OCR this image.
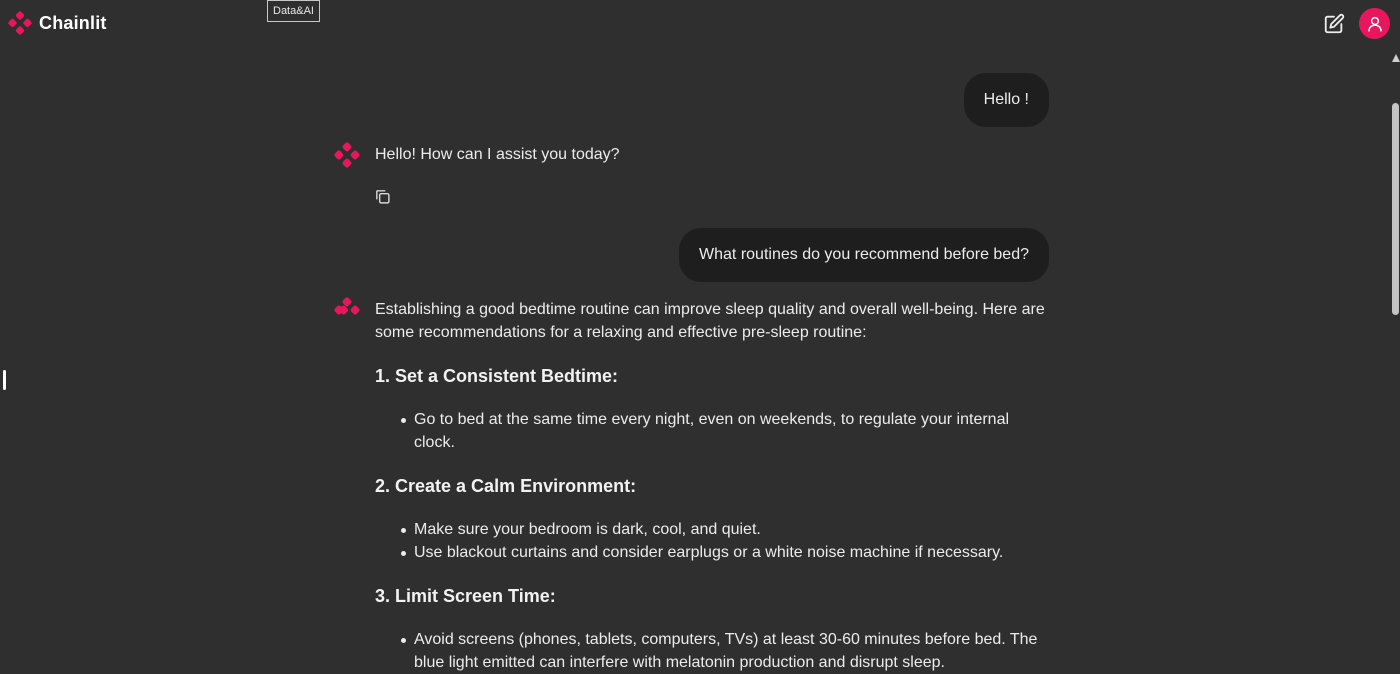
Chainlit
Data&AI
Hello !
Hello! How can I assist you today?
What routines do you recommend before bed?
Establishing a good bedtime routine can improve sleep quality and overall well-being. Here are some recommendations for a relaxing and effective pre-sleep routine:
1. Set a Consistent Bedtime:
Go to bed at the same time every night, even on weekends, to regulate your internal clock.
2. Create a Calm Environment:
Make sure your bedroom is dark, cool, and quiet.
Use blackout curtains and consider earplugs or a white noise machine if necessary.
3. Limit Screen Time:
Avoid screens (phones, tablets, computers, TVs) at least 30-60 minutes before bed. The blue light emitted can interfere with melatonin production and disrupt sleep.
